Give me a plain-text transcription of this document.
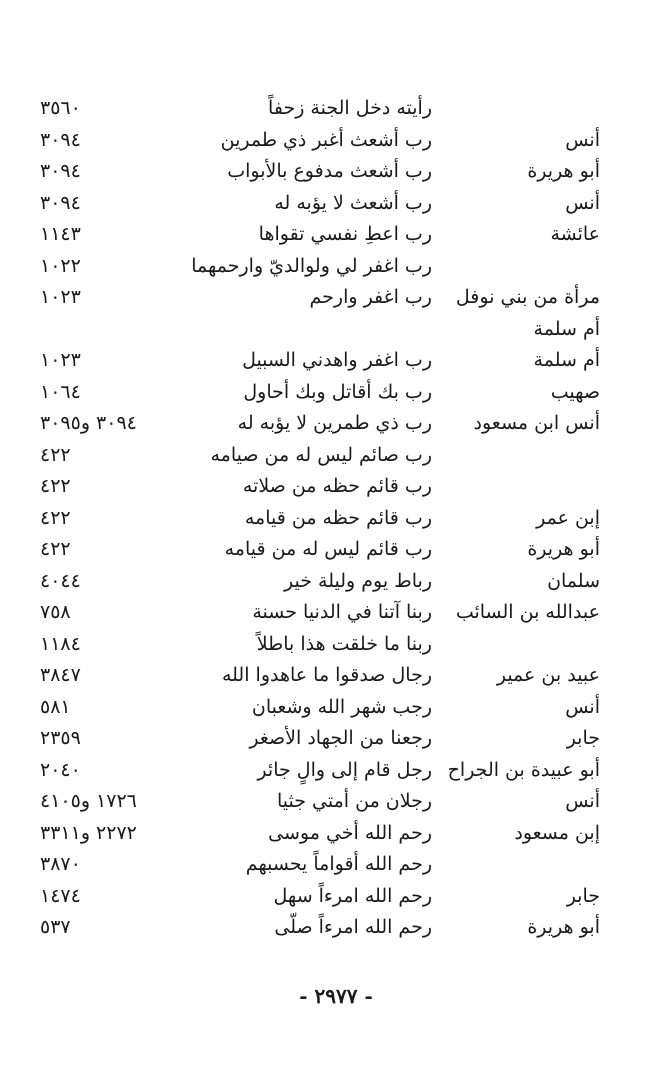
رأيته دخل الجنة زحفاً
٣٥٦٠
أنس
رب أشعث أغبر ذي طمرين
٣٠٩٤
أبو هريرة
رب أشعث مدفوع بالأبواب
٣٠٩٤
أنس
رب أشعث لا يؤبه له
٣٠٩٤
عائشة
رب اعطِ نفسي تقواها
١١٤٣
رب اغفر لي ولوالديّ وارحمهما
١٠٢٢
مرأة من بني نوفل
رب اغفر وارحم
١٠٢٣
أم سلمة
أم سلمة
رب اغفر واهدني السبيل
١٠٢٣
صهيب
رب بك أقاتل وبك أحاول
١٠٦٤
أنس ابن مسعود
رب ذي طمرين لا يؤبه له
٣٠٩٤ و٣٠٩٥
رب صائم ليس له من صيامه
٤٢٢
رب قائم حظه من صلاته
٤٢٢
إبن عمر
رب قائم حظه من قيامه
٤٢٢
أبو هريرة
رب قائم ليس له من قيامه
٤٢٢
سلمان
رباط يوم وليلة خير
٤٠٤٤
عبدالله بن السائب
ربنا آتنا في الدنيا حسنة
٧٥٨
ربنا ما خلقت هذا باطلاً
١١٨٤
عبيد بن عمير
رجال صدقوا ما عاهدوا الله
٣٨٤٧
أنس
رجب شهر الله وشعبان
٥٨١
جابر
رجعنا من الجهاد الأصغر
٢٣٥٩
أبو عبيدة بن الجراح
رجل قام إلى والٍ جائر
٢٠٤٠
أنس
رجلان من أمتي جثيا
١٧٢٦ و٤١٠٥
إبن مسعود
رحم الله أخي موسى
٢٢٧٢ و٣٣١١
رحم الله أقواماً يحسبهم
٣٨٧٠
جابر
رحم الله امرءاً سهل
١٤٧٤
أبو هريرة
رحم الله امرءاً صلّى
٥٣٧
- ٢٩٧٧ -
